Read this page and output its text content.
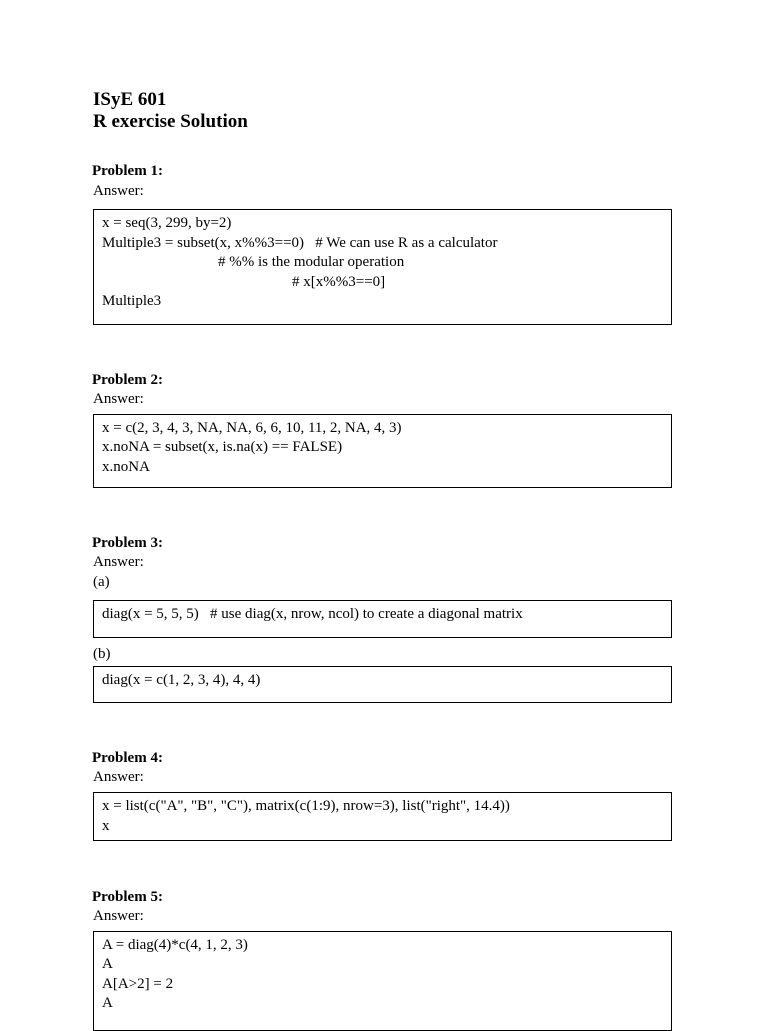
ISyE 601
R exercise Solution
Problem 1:
Answer:
x = seq(3, 299, by=2)
Multiple3 = subset(x, x%%3==0)   # We can use R as a calculator
# %% is the modular operation
# x[x%%3==0]
Multiple3
Problem 2:
Answer:
x = c(2, 3, 4, 3, NA, NA, 6, 6, 10, 11, 2, NA, 4, 3)
x.noNA = subset(x, is.na(x) == FALSE)
x.noNA
Problem 3:
Answer:
(a)
diag(x = 5, 5, 5)   # use diag(x, nrow, ncol) to create a diagonal matrix
(b)
diag(x = c(1, 2, 3, 4), 4, 4)
Problem 4:
Answer:
x = list(c("A", "B", "C"), matrix(c(1:9), nrow=3), list("right", 14.4))
x
Problem 5:
Answer:
A = diag(4)*c(4, 1, 2, 3)
A
A[A>2] = 2
A
